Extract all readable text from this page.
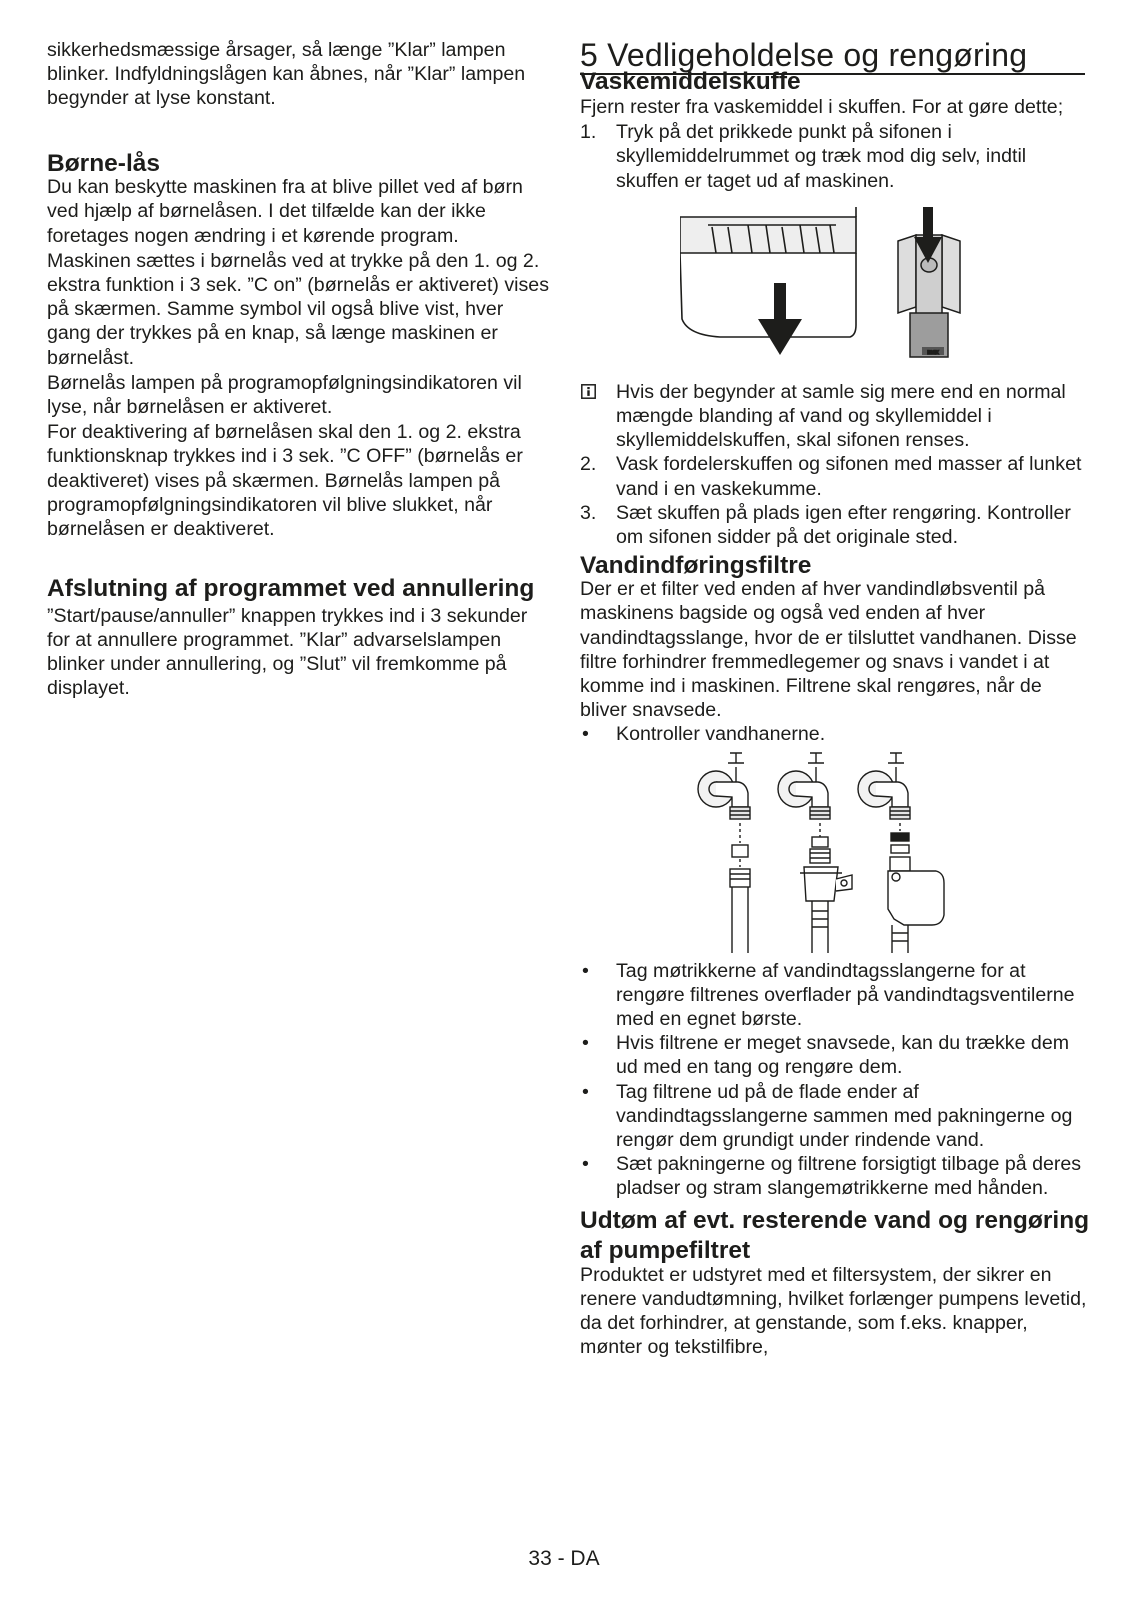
sikkerhedsmæssige årsager, så længe ”Klar” lampen blinker. Indfyldningslågen kan åbnes, når ”Klar” lampen begynder at lyse konstant.

Børne-lås

Du kan beskytte maskinen fra at blive pillet ved af børn ved hjælp af børnelåsen. I det tilfælde kan der ikke foretages nogen ændring i et kørende program.

Maskinen sættes i børnelås ved at trykke på den 1. og 2. ekstra funktion i 3 sek. ”C on” (børnelås er aktiveret) vises på skærmen. Samme symbol vil også blive vist, hver gang der trykkes på en knap, så længe maskinen er børnelåst.

Børnelås lampen på programopfølgningsindikatoren vil lyse, når børnelåsen er aktiveret.

For deaktivering af børnelåsen skal den 1. og 2. ekstra funktionsknap trykkes ind i 3 sek. ”C OFF” (børnelås er deaktiveret) vises på skærmen. Børnelås lampen på programopfølgningsindikatoren vil blive slukket, når børnelåsen er deaktiveret.

Afslutning af programmet ved annullering

”Start/pause/annuller” knappen trykkes ind i 3 sekunder for at annullere programmet. ”Klar” advarselslampen blinker under annullering, og ”Slut” vil fremkomme på displayet.

5 Vedligeholdelse og rengøring
Vaskemiddelskuffe

Fjern rester fra vaskemiddel i skuffen. For at gøre dette;

1. Tryk på det prikkede punkt på sifonen i skyllemiddelrummet og træk mod dig selv, indtil skuffen er taget ud af maskinen.
max
Hvis der begynder at samle sig mere end en normal mængde blanding af vand og skyllemiddel i skyllemiddelskuffen, skal sifonen renses.
2. Vask fordelerskuffen og sifonen med masser af lunket vand i en vaskekumme.
3. Sæt skuffen på plads igen efter rengøring. Kontroller om sifonen sidder på det originale sted.
Vandindføringsfiltre

Der er et filter ved enden af hver vandindløbsventil på maskinens bagside og også ved enden af hver vandindtagsslange, hvor de er tilsluttet vandhanen. Disse filtre forhindrer fremmedlegemer og snavs i vandet i at komme ind i maskinen. Filtrene skal rengøres, når de bliver snavsede.

• Kontroller vandhanerne.
• Tag møtrikkerne af vandindtagsslangerne for at rengøre filtrenes overflader på vandindtagsventilerne med en egnet børste.
• Hvis filtrene er meget snavsede, kan du trække dem ud med en tang og rengøre dem.
• Tag filtrene ud på de flade ender af vandindtagsslangerne sammen med pakningerne og rengør dem grundigt under rindende vand.
• Sæt pakningerne og filtrene forsigtigt tilbage på deres pladser og stram slangemøtrikkerne med hånden.
Udtøm af evt. resterende vand og rengøring af pumpefiltret

Produktet er udstyret med et filtersystem, der sikrer en renere vandudtømning, hvilket forlænger pumpens levetid, da det forhindrer, at genstande, som f.eks. knapper, mønter og tekstilfibre,

33 - DA
